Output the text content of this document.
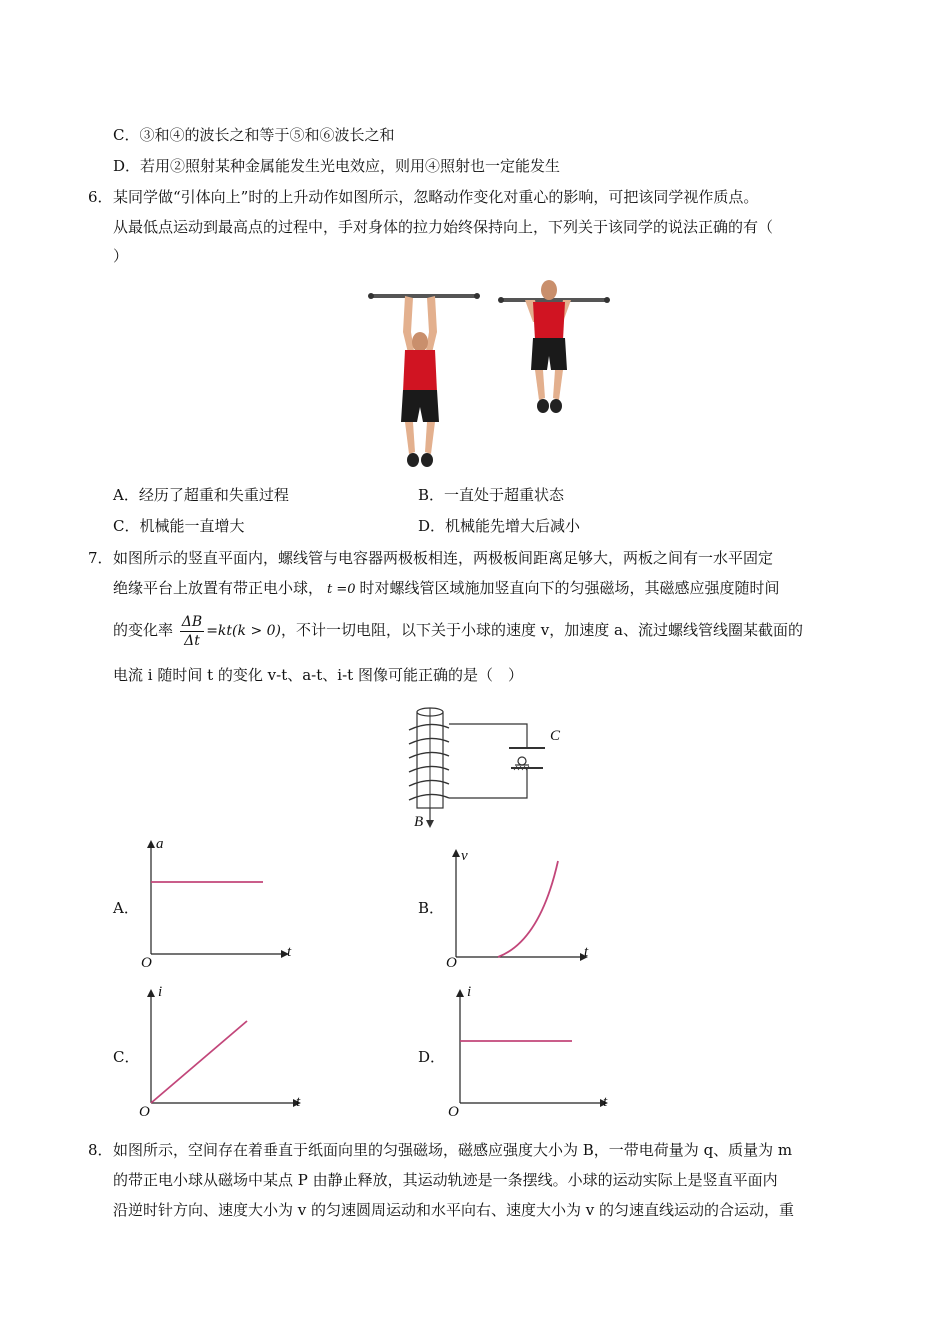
C．③和④的波长之和等于⑤和⑥波长之和
D．若用②照射某种金属能发生光电效应，则用④照射也一定能发生
6． 某同学做“引体向上”时的上升动作如图所示，忽略动作变化对重心的影响，可把该同学视作质点。
从最低点运动到最高点的过程中，手对身体的拉力始终保持向上，下列关于该同学的说法正确的有（
）
A．经历了超重和失重过程	B．一直处于超重状态
C．机械能一直增大	D．机械能先增大后减小
7． 如图所示的竖直平面内，螺线管与电容器两极板相连，两极板间距离足够大，两板之间有一水平固定
绝缘平台上放置有带正电小球， t =0 时对螺线管区域施加竖直向下的匀强磁场，其磁感应强度随时间
的变化率 $\frac{\Delta B}{\Delta t} =kt(k > 0)$，不计一切电阻，以下关于小球的速度 v，加速度 a、流过螺线管线圈某截面的
电流 i 随时间 t 的变化 v-t、a-t、i-t 图像可能正确的是（　）
C
B
A．
a
t
O
B．
v
t
O
C．
i
t
O
D．
i
t
O
8． 如图所示，空间存在着垂直于纸面向里的匀强磁场，磁感应强度大小为 B，一带电荷量为 q、质量为 m
的带正电小球从磁场中某点 P 由静止释放，其运动轨迹是一条摆线。小球的运动实际上是竖直平面内
沿逆时针方向、速度大小为 v 的匀速圆周运动和水平向右、速度大小为 v 的匀速直线运动的合运动，重
